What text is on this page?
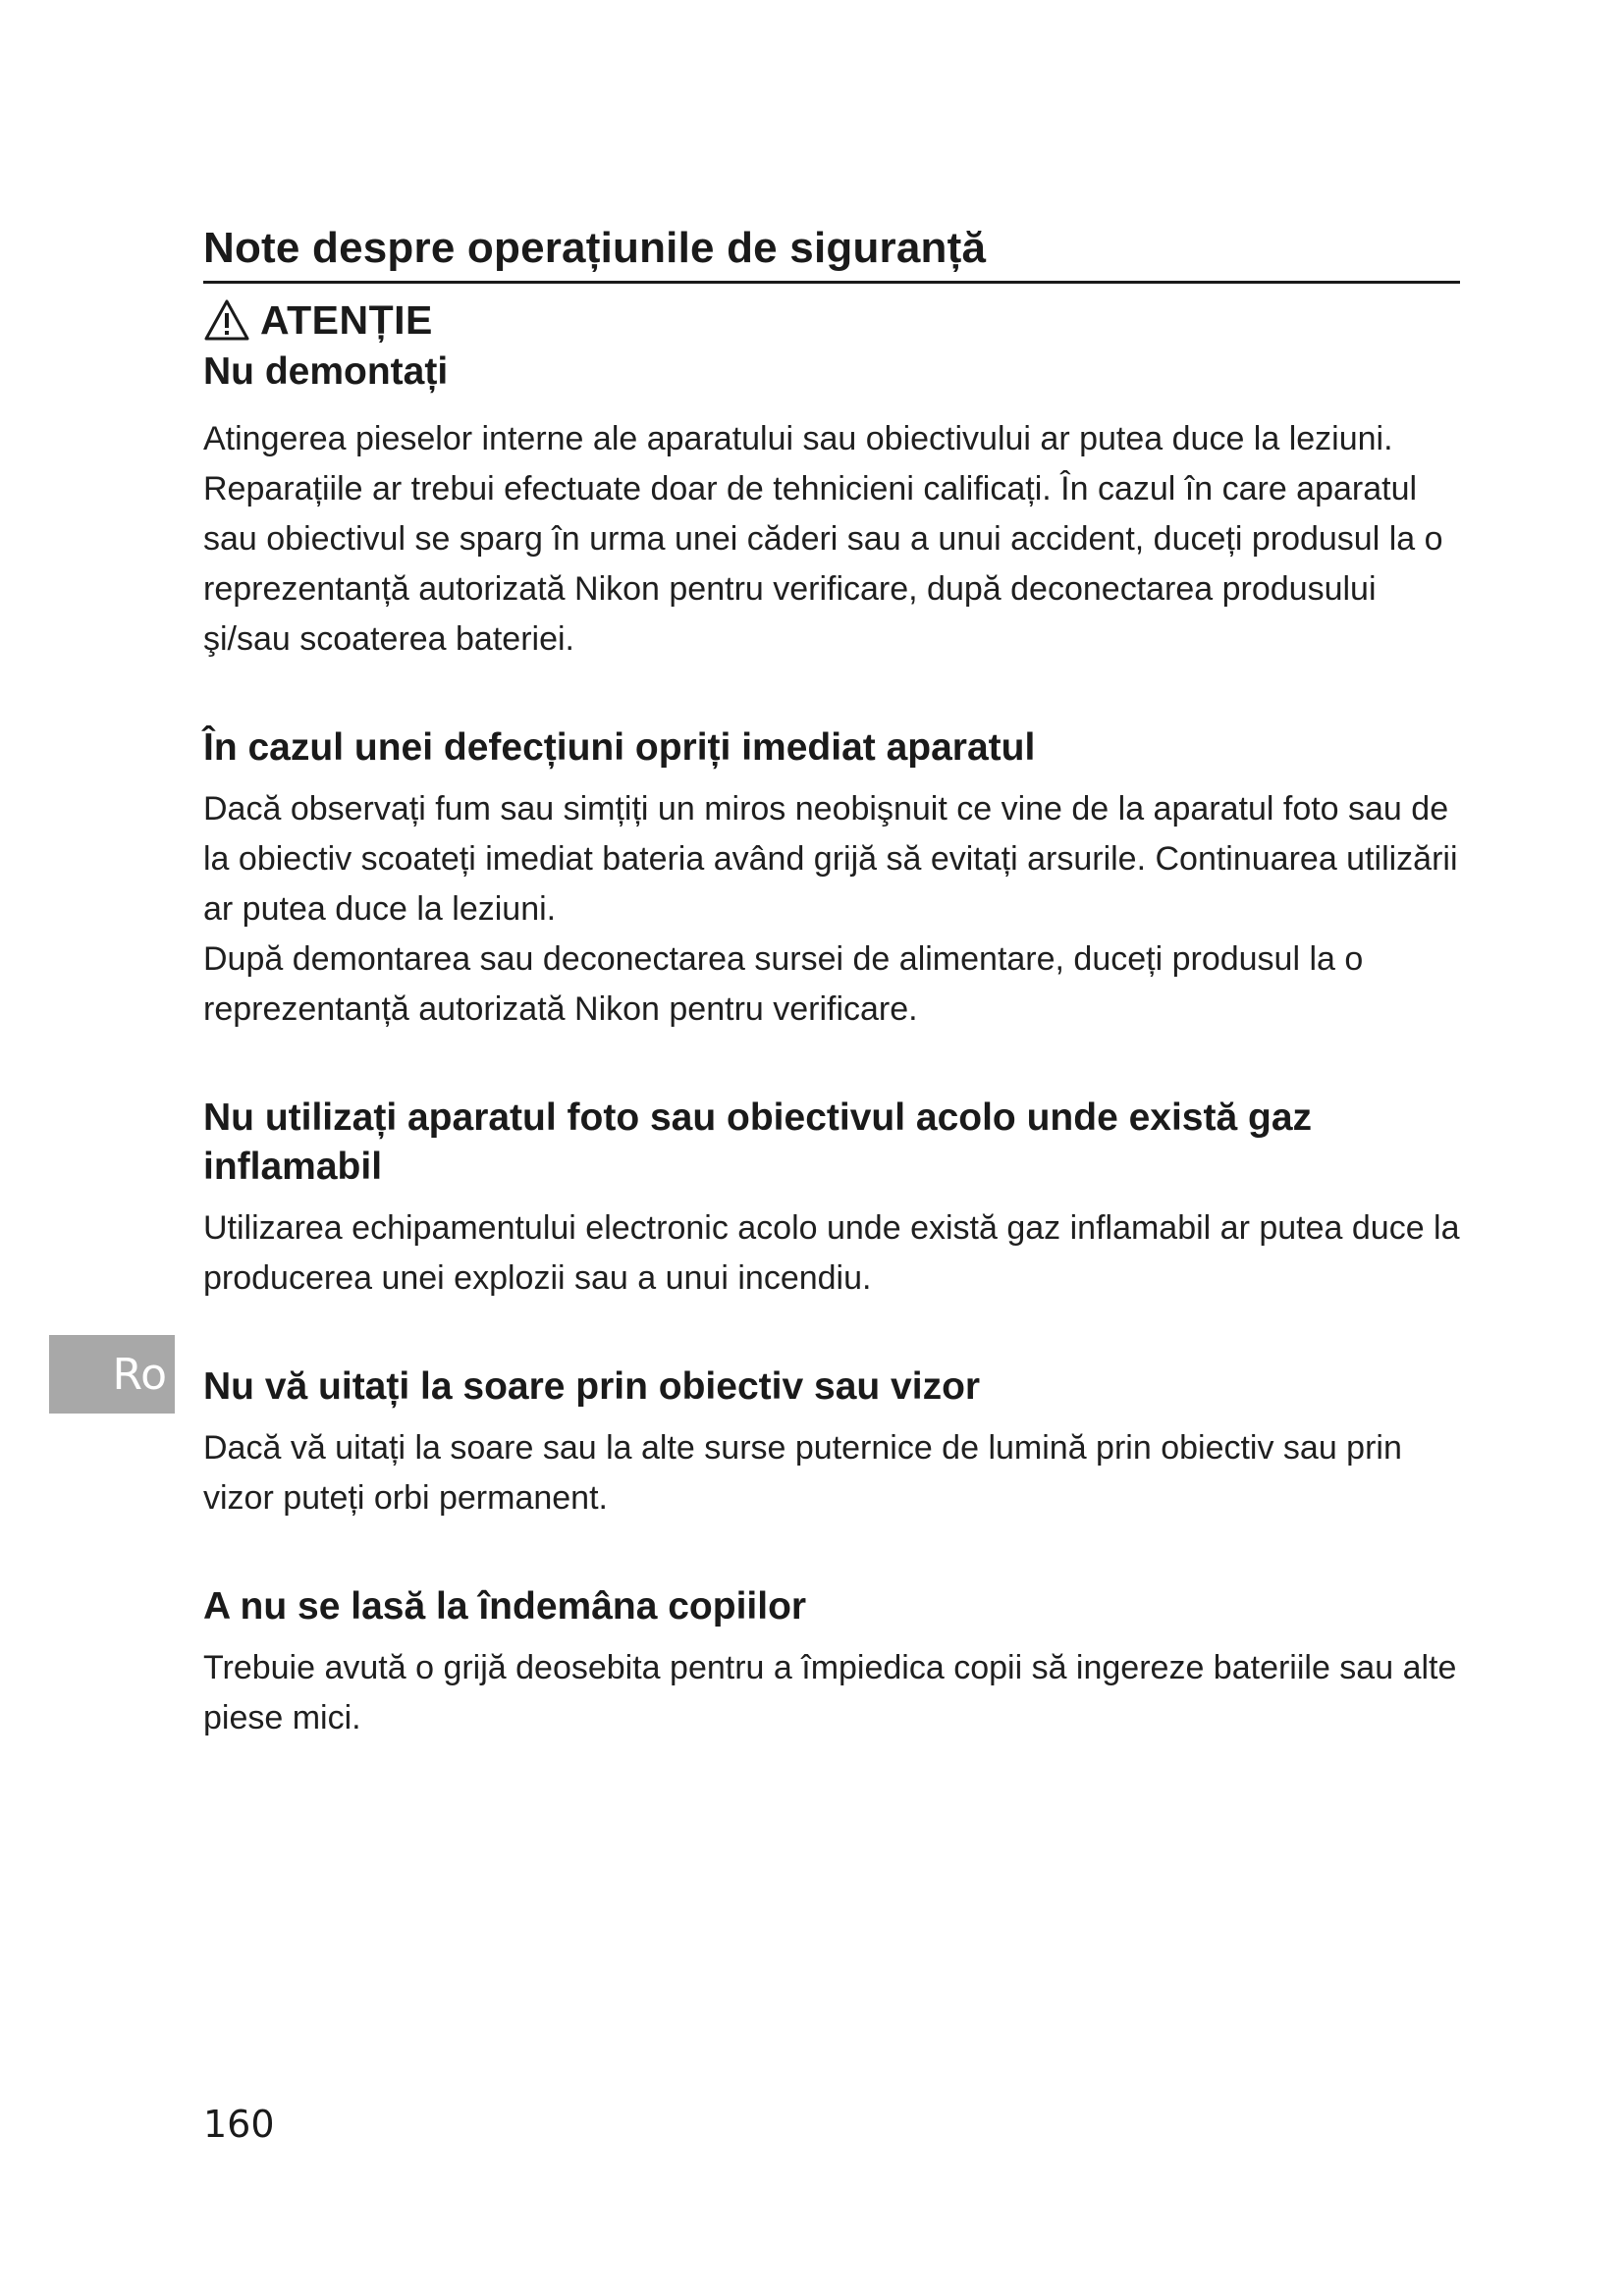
Note despre operațiunile de siguranță
ATENȚIE
Nu demontați

Atingerea pieselor interne ale aparatului sau obiectivului ar putea duce la leziuni. Reparațiile ar trebui efectuate doar de tehnicieni calificați. În cazul în care aparatul sau obiectivul se sparg în urma unei căderi sau a unui accident, duceți produsul la o reprezentanță autorizată Nikon pentru verificare, după deconectarea produsului şi/sau scoaterea bateriei.

În cazul unei defecțiuni opriți imediat aparatul

Dacă observați fum sau simțiți un miros neobişnuit ce vine de la aparatul foto sau de la obiectiv scoateți imediat bateria având grijă să evitați arsurile. Continuarea utilizării ar putea duce la leziuni.

După demontarea sau deconectarea sursei de alimentare, duceți produsul la o reprezentanță autorizată Nikon pentru verificare.

Nu utilizați aparatul foto sau obiectivul acolo unde există gaz inflamabil

Utilizarea echipamentului electronic acolo unde există gaz inflamabil ar putea duce la producerea unei explozii sau a unui incendiu.

Nu vă uitați la soare prin obiectiv sau vizor

Dacă vă uitați la soare sau la alte surse puternice de lumină prin obiectiv sau prin vizor puteți orbi permanent.

A nu se lasă la îndemâna copiilor

Trebuie avută o grijă deosebita pentru a împiedica copii să ingereze bateriile sau alte piese mici.

Ro
160
